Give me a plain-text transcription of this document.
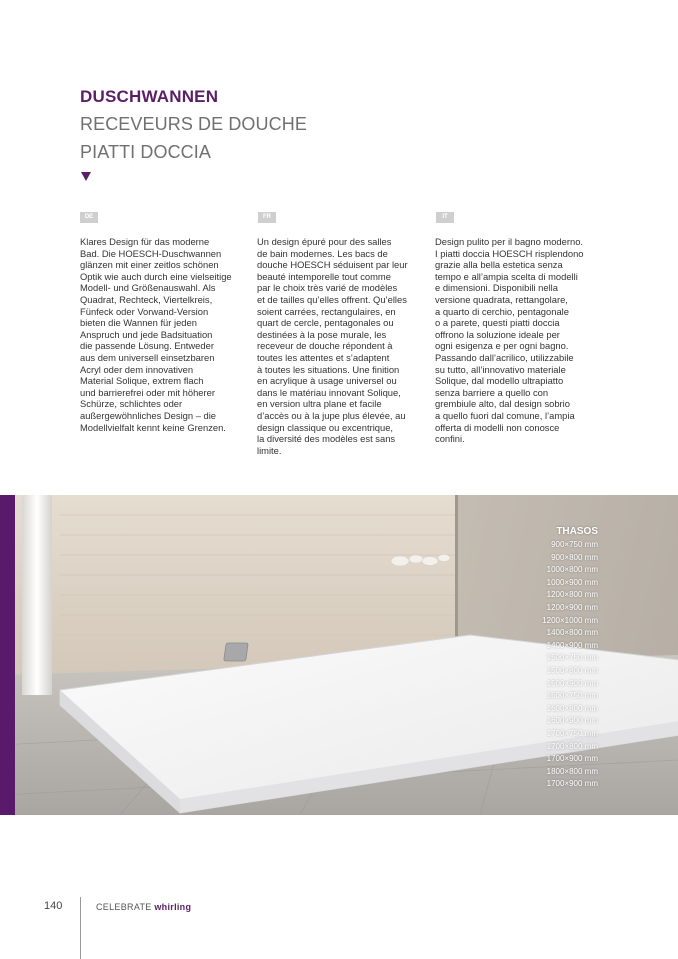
DUSCHWANNEN
RECEVEURS DE DOUCHE
PIATTI DOCCIA
DE	FR	IT

Klares Design für das moderne
Bad. Die HOESCH-Duschwannen
glänzen mit einer zeitlos schönen
Optik wie auch durch eine vielseitige
Modell- und Größenauswahl. Als
Quadrat, Rechteck, Viertelkreis,
Fünfeck oder Vorwand-Version
bieten die Wannen für jeden
Anspruch und jede Badsituation
die passende Lösung. Entweder
aus dem universell einsetzbaren
Acryl oder dem innovativen
Material Solique, extrem flach
und barrierefrei oder mit höherer
Schürze, schlichtes oder
außergewöhnliches Design – die
Modellvielfalt kennt keine Grenzen.

Un design épuré pour des salles
de bain modernes. Les bacs de
douche HOESCH séduisent par leur
beauté intemporelle tout comme
par le choix très varié de modèles
et de tailles qu’elles offrent. Qu’elles
soient carrées, rectangulaires, en
quart de cercle, pentagonales ou
destinées à la pose murale, les
receveur de douche répondent à
toutes les attentes et s’adaptent
à toutes les situations. Une finition
en acrylique à usage universel ou
dans le matériau innovant Solique,
en version ultra plane et facile
d’accès ou à la jupe plus élevée, au
design classique ou excentrique,
la diversité des modèles est sans
limite.

Design pulito per il bagno moderno.
I piatti doccia HOESCH risplendono
grazie alla bella estetica senza
tempo e all’ampia scelta di modelli
e dimensioni. Disponibili nella
versione quadrata, rettangolare,
a quarto di cerchio, pentagonale
o a parete, questi piatti doccia
offrono la soluzione ideale per
ogni esigenza e per ogni bagno.
Passando dall’acrilico, utilizzabile
su tutto, all’innovativo materiale
Solique, dal modello ultrapiatto
senza barriere a quello con
grembiule alto, dal design sobrio
a quello fuori dal comune, l’ampia
offerta di modelli non conosce
confini.

THASOS
900×750 mm
900×800 mm
1000×800 mm
1000×900 mm
1200×800 mm
1200×900 mm
1200×1000 mm
1400×800 mm
1400×900 mm
1500×750 mm
1500×800 mm
1500×900 mm
1600×750 mm
1600×800 mm
1600×900 mm
1700×750 mm
1700×800 mm
1700×900 mm
1800×800 mm
1700×900 mm
140	CELEBRATE whirling
